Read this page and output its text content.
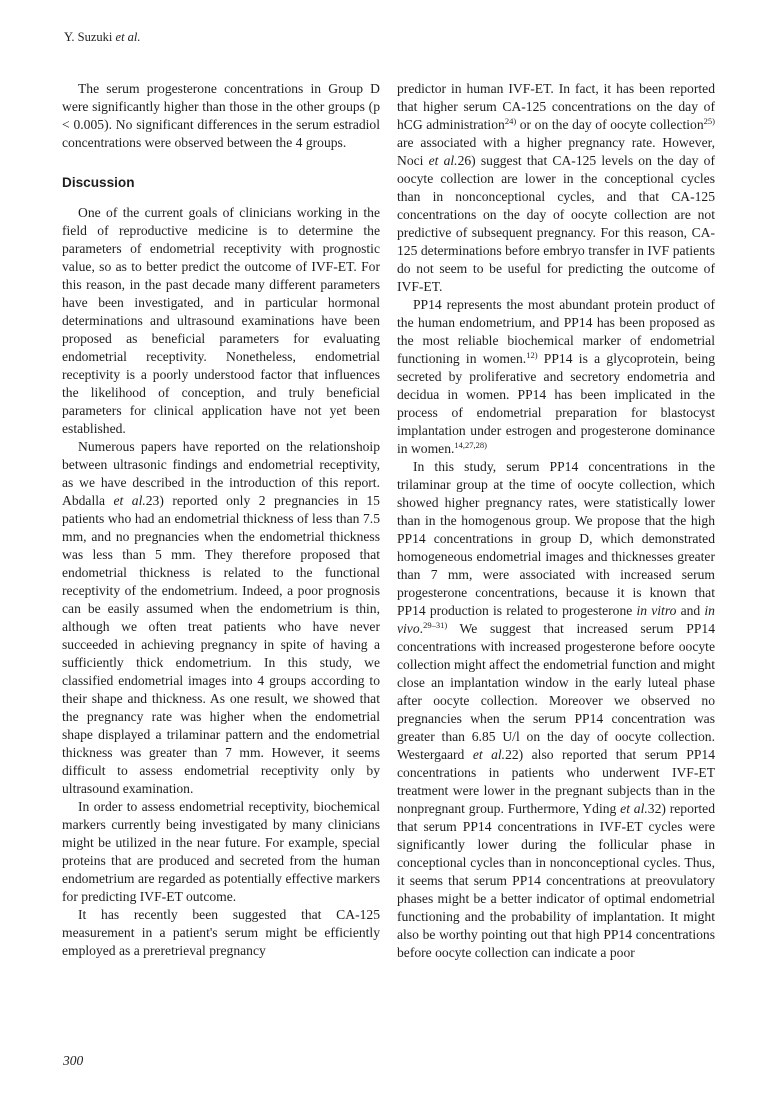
Y. Suzuki et al.

The serum progesterone concentrations in Group D were significantly higher than those in the other groups (p < 0.005). No significant differences in the serum estradiol concentrations were observed between the 4 groups.

Discussion

One of the current goals of clinicians working in the field of reproductive medicine is to determine the parameters of endometrial receptivity with prognostic value, so as to better predict the outcome of IVF-ET. For this reason, in the past decade many different parameters have been investigated, and in particular hormonal determinations and ultrasound examinations have been proposed as beneficial parameters for evaluating endometrial receptivity. Nonetheless, endometrial receptivity is a poorly understood factor that influences the likelihood of conception, and truly beneficial parameters for clinical application have not yet been established.

Numerous papers have reported on the relationshoip between ultrasonic findings and endometrial receptivity, as we have described in the introduction of this report. Abdalla et al.23) reported only 2 pregnancies in 15 patients who had an endometrial thickness of less than 7.5 mm, and no pregnancies when the endometrial thickness was less than 5 mm. They therefore proposed that endometrial thickness is related to the functional receptivity of the endometrium. Indeed, a poor prognosis can be easily assumed when the endometrium is thin, although we often treat patients who have never succeeded in achieving pregnancy in spite of having a sufficiently thick endometrium. In this study, we classified endometrial images into 4 groups according to their shape and thickness. As one result, we showed that the pregnancy rate was higher when the endometrial shape displayed a trilaminar pattern and the endometrial thickness was greater than 7 mm. However, it seems difficult to assess endometrial receptivity only by ultrasound examination.

In order to assess endometrial receptivity, biochemical markers currently being investigated by many clinicians might be utilized in the near future. For example, special proteins that are produced and secreted from the human endometrium are regarded as potentially effective markers for predicting IVF-ET outcome.

It has recently been suggested that CA-125 measurement in a patient's serum might be efficiently employed as a preretrieval pregnancy

predictor in human IVF-ET. In fact, it has been reported that higher serum CA-125 concentrations on the day of hCG administration$^{24)}$ or on the day of oocyte collection$^{25)}$ are associated with a higher pregnancy rate. However, Noci et al.26) suggest that CA-125 levels on the day of oocyte collection are lower in the conceptional cycles than in nonconceptional cycles, and that CA-125 concentrations on the day of oocyte collection are not predictive of subsequent pregnancy. For this reason, CA-125 determinations before embryo transfer in IVF patients do not seem to be useful for predicting the outcome of IVF-ET.

PP14 represents the most abundant protein product of the human endometrium, and PP14 has been proposed as the most reliable biochemical marker of endometrial functioning in women.$^{12)}$ PP14 is a glycoprotein, being secreted by proliferative and secretory endometria and decidua in women. PP14 has been implicated in the process of endometrial preparation for blastocyst implantation under estrogen and progesterone dominance in women.$^{14,27,28)}$

In this study, serum PP14 concentrations in the trilaminar group at the time of oocyte collection, which showed higher pregnancy rates, were statistically lower than in the homogenous group. We propose that the high PP14 concentrations in group D, which demonstrated homogeneous endometrial images and thicknesses greater than 7 mm, were associated with increased serum progesterone concentrations, because it is known that PP14 production is related to progesterone in vitro and in vivo.$^{29-31)}$ We suggest that increased serum PP14 concentrations with increased progesterone before oocyte collection might affect the endometrial function and might close an implantation window in the early luteal phase after oocyte collection. Moreover we observed no pregnancies when the serum PP14 concentration was greater than 6.85 U/l on the day of oocyte collection. Westergaard et al.22) also reported that serum PP14 concentrations in patients who underwent IVF-ET treatment were lower in the pregnant subjects than in the nonpregnant group. Furthermore, Yding et al.32) reported that serum PP14 concentrations in IVF-ET cycles were significantly lower during the follicular phase in conceptional cycles than in nonconceptional cycles. Thus, it seems that serum PP14 concentrations at preovulatory phases might be a better indicator of optimal endometrial functioning and the probability of implantation. It might also be worthy pointing out that high PP14 concentrations before oocyte collection can indicate a poor

300
